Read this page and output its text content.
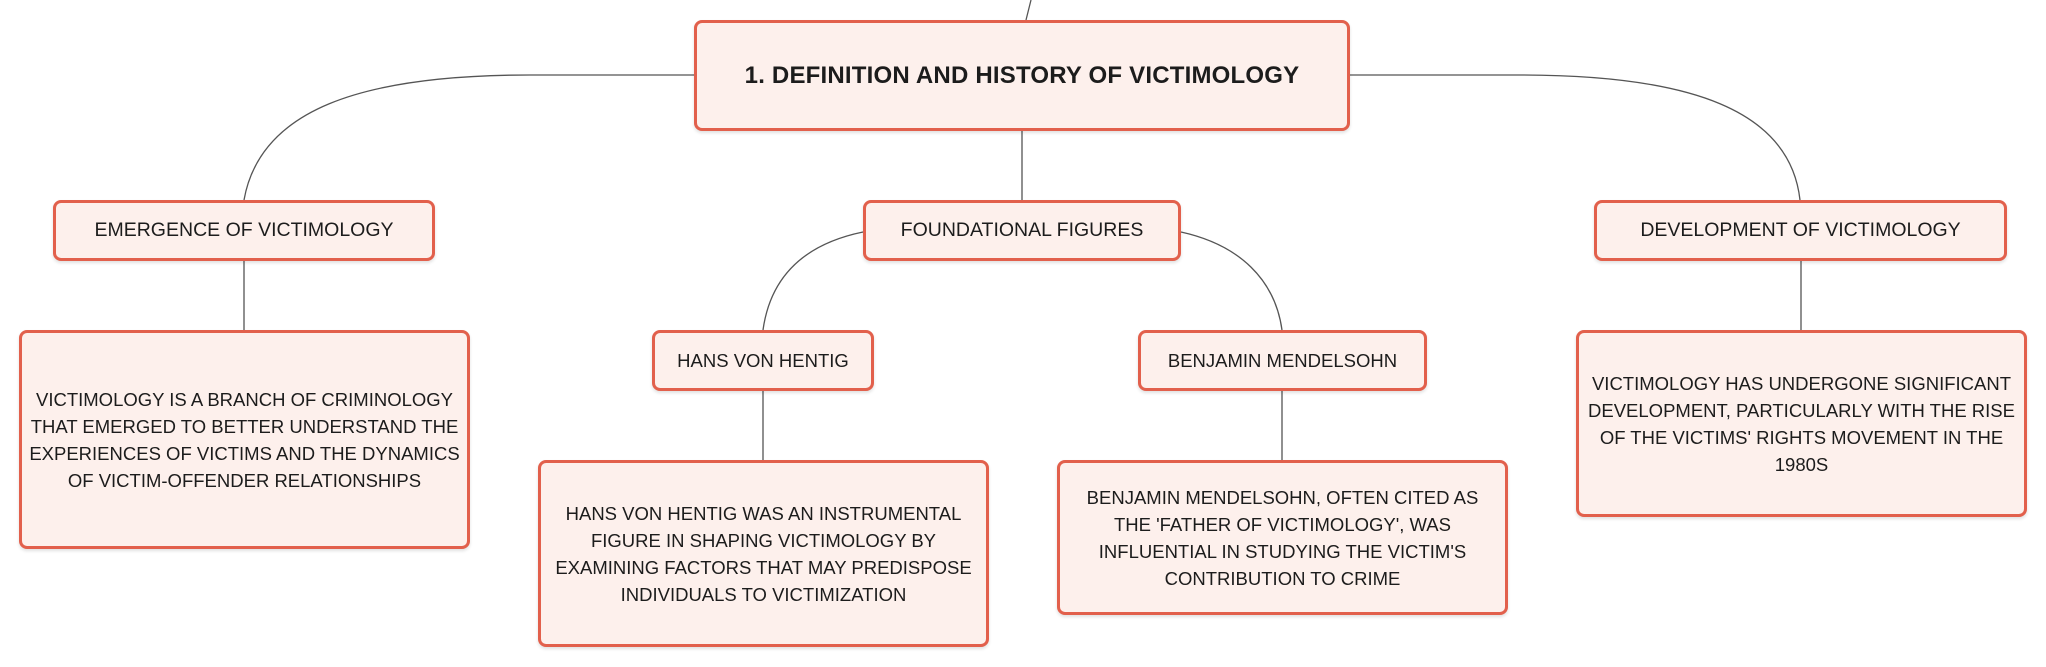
1. DEFINITION AND HISTORY OF VICTIMOLOGY
EMERGENCE OF VICTIMOLOGY	FOUNDATIONAL FIGURES	DEVELOPMENT OF VICTIMOLOGY
HANS VON HENTIG	BENJAMIN MENDELSOHN
VICTIMOLOGY IS A BRANCH OF CRIMINOLOGY THAT EMERGED TO BETTER UNDERSTAND THE EXPERIENCES OF VICTIMS AND THE DYNAMICS OF VICTIM-OFFENDER RELATIONSHIPS
HANS VON HENTIG WAS AN INSTRUMENTAL FIGURE IN SHAPING VICTIMOLOGY BY EXAMINING FACTORS THAT MAY PREDISPOSE INDIVIDUALS TO VICTIMIZATION
BENJAMIN MENDELSOHN, OFTEN CITED AS THE 'FATHER OF VICTIMOLOGY', WAS INFLUENTIAL IN STUDYING THE VICTIM'S CONTRIBUTION TO CRIME
VICTIMOLOGY HAS UNDERGONE SIGNIFICANT DEVELOPMENT, PARTICULARLY WITH THE RISE OF THE VICTIMS' RIGHTS MOVEMENT IN THE 1980S
